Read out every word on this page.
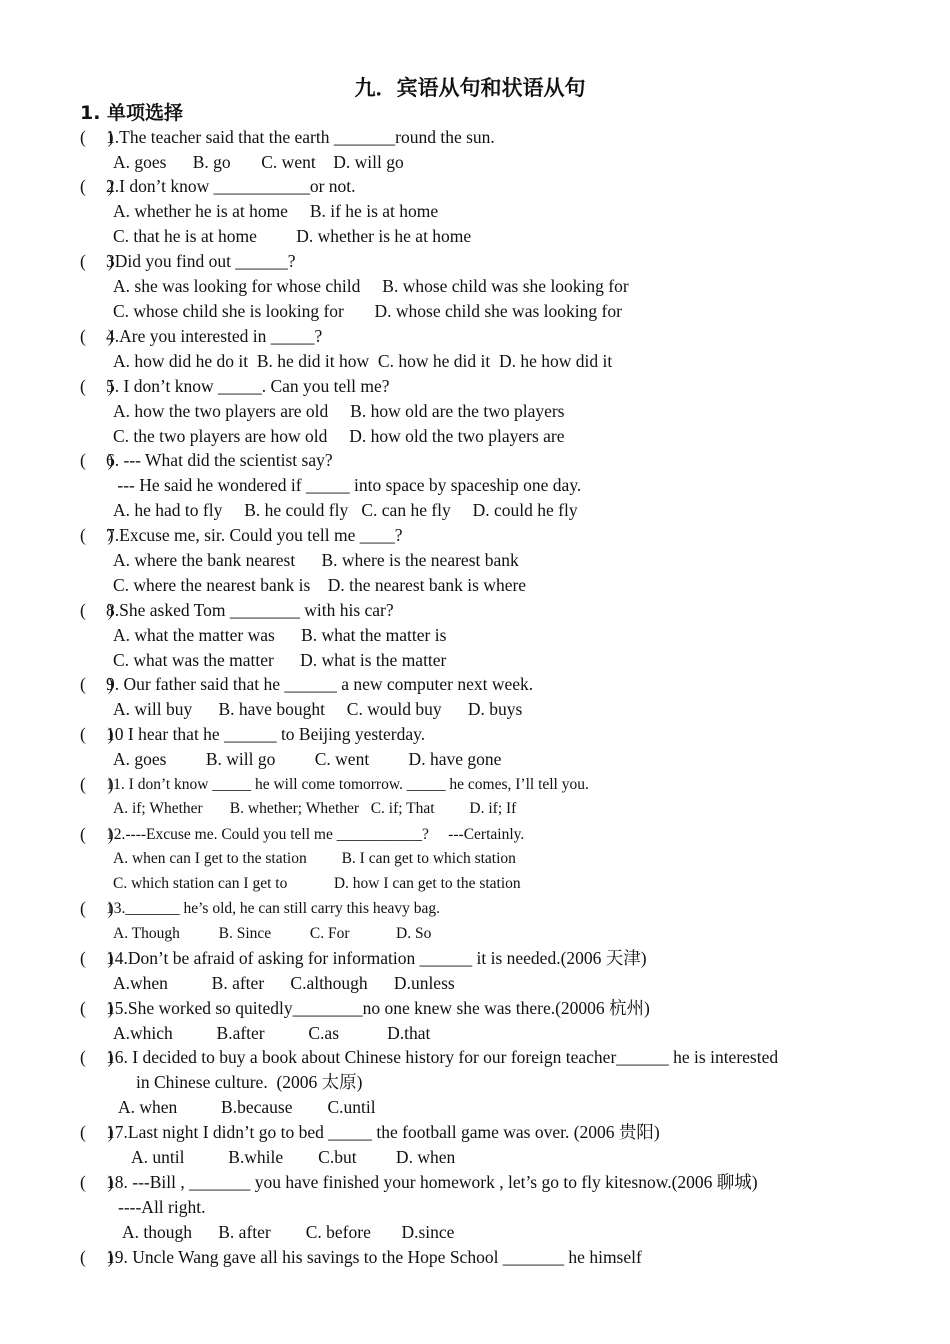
九．宾语从句和状语从句
1. 单项选择
(     )
(     )
(     )
(     )
(     )
(     )
(     )
(     )
(     )
(     )
(     )
(     )
(     )
(     )
(     )
(     )
(     )
(     )
(     )
1.The teacher said that the earth _______round the sun.
A. goes      B. go       C. went    D. will go
2.I don’t know ___________or not.
A. whether he is at home     B. if he is at home
C. that he is at home         D. whether is he at home
3Did you find out ______?
A. she was looking for whose child     B. whose child was she looking for
C. whose child she is looking for       D. whose child she was looking for
4.Are you interested in _____?
A. how did he do it  B. he did it how  C. how he did it  D. he how did it
5. I don’t know _____. Can you tell me?
A. how the two players are old     B. how old are the two players
C. the two players are how old     D. how old the two players are
6. --- What did the scientist say?
--- He said he wondered if _____ into space by spaceship one day.
A. he had to fly     B. he could fly   C. can he fly     D. could he fly
7.Excuse me, sir. Could you tell me ____?
A. where the bank nearest      B. where is the nearest bank
C. where the nearest bank is    D. the nearest bank is where
8.She asked Tom ________ with his car?
A. what the matter was      B. what the matter is
C. what was the matter      D. what is the matter
9. Our father said that he ______ a new computer next week.
A. will buy      B. have bought     C. would buy      D. buys
10 I hear that he ______ to Beijing yesterday.
A. goes         B. will go         C. went         D. have gone
11. I don’t know _____ he will come tomorrow. _____ he comes, I’ll tell you.
A. if; Whether       B. whether; Whether   C. if; That         D. if; If
12.----Excuse me. Could you tell me ___________?     ---Certainly.
A. when can I get to the station         B. I can get to which station
C. which station can I get to            D. how I can get to the station
13._______ he’s old, he can still carry this heavy bag.
A. Though          B. Since          C. For            D. So
14.Don’t be afraid of asking for information ______ it is needed.(2006 天津)
A.when          B. after      C.although      D.unless
15.She worked so quitedly________no one knew she was there.(20006 杭州)
A.which          B.after          C.as           D.that
16. I decided to buy a book about Chinese history for our foreign teacher______ he is interested
in Chinese culture.  (2006 太原)
A. when          B.because        C.until
17.Last night I didn’t go to bed _____ the football game was over. (2006 贵阳)
A. until          B.while        C.but         D. when
18. ---Bill , _______ you have finished your homework , let’s go to fly kitesnow.(2006 聊城)
----All right.
A. though      B. after        C. before       D.since
19. Uncle Wang gave all his savings to the Hope School _______ he himself
